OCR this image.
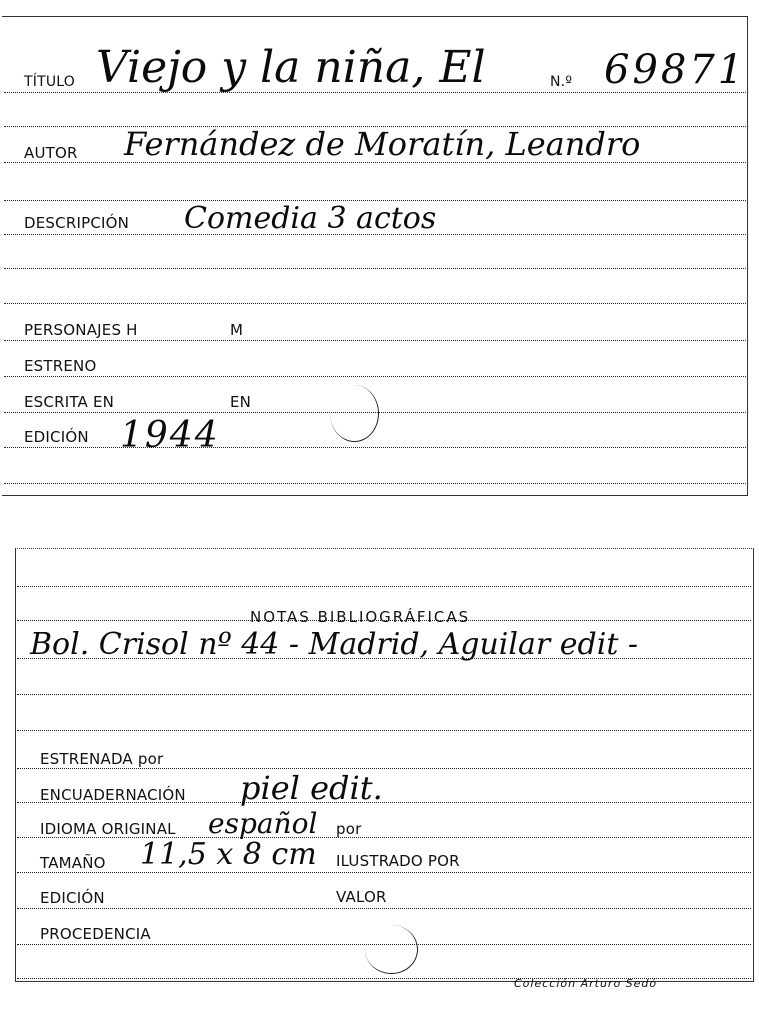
TÍTULO Viejo y la niña, El	N.º 69871
AUTOR Fernández de Moratín, Leandro
DESCRIPCIÓN Comedia 3 actos
PERSONAJES H	M
ESTRENO
ESCRITA EN	EN
EDICIÓN 1944
NOTAS BIBLIOGRÁFICAS
Bol. Crisol nº 44 - Madrid, Aguilar edit -
ESTRENADA por
ENCUADERNACIÓN piel edit.
IDIOMA ORIGINAL español por
TAMAÑO 11,5 x 8 cm ILUSTRADO POR
EDICIÓN	VALOR
PROCEDENCIA
Colección Arturo Sedó
